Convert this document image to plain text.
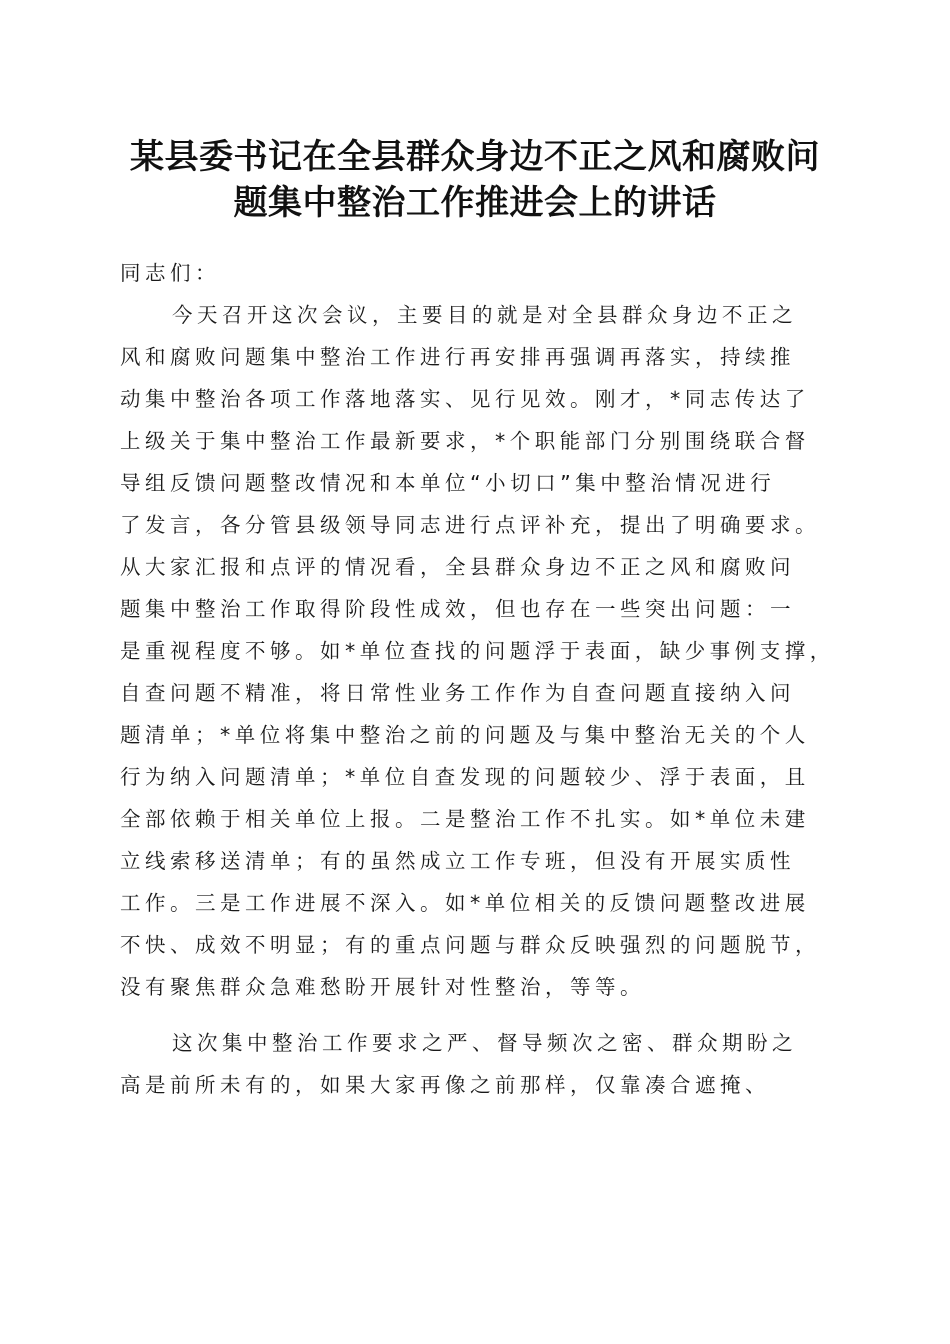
某县委书记在全县群众身边不正之风和腐败问
题集中整治工作推进会上的讲话
同志们：
今天召开这次会议，主要目的就是对全县群众身边不正之
风和腐败问题集中整治工作进行再安排再强调再落实，持续推
动集中整治各项工作落地落实、见行见效。刚才，*同志传达了
上级关于集中整治工作最新要求，*个职能部门分别围绕联合督
导组反馈问题整改情况和本单位“小切口”集中整治情况进行
了发言，各分管县级领导同志进行点评补充，提出了明确要求。
从大家汇报和点评的情况看，全县群众身边不正之风和腐败问
题集中整治工作取得阶段性成效，但也存在一些突出问题：一
是重视程度不够。如*单位查找的问题浮于表面，缺少事例支撑，
自查问题不精准，将日常性业务工作作为自查问题直接纳入问
题清单；*单位将集中整治之前的问题及与集中整治无关的个人
行为纳入问题清单；*单位自查发现的问题较少、浮于表面，且
全部依赖于相关单位上报。二是整治工作不扎实。如*单位未建
立线索移送清单；有的虽然成立工作专班，但没有开展实质性
工作。三是工作进展不深入。如*单位相关的反馈问题整改进展
不快、成效不明显；有的重点问题与群众反映强烈的问题脱节，
没有聚焦群众急难愁盼开展针对性整治，等等。
这次集中整治工作要求之严、督导频次之密、群众期盼之
高是前所未有的，如果大家再像之前那样，仅靠凑合遮掩、
